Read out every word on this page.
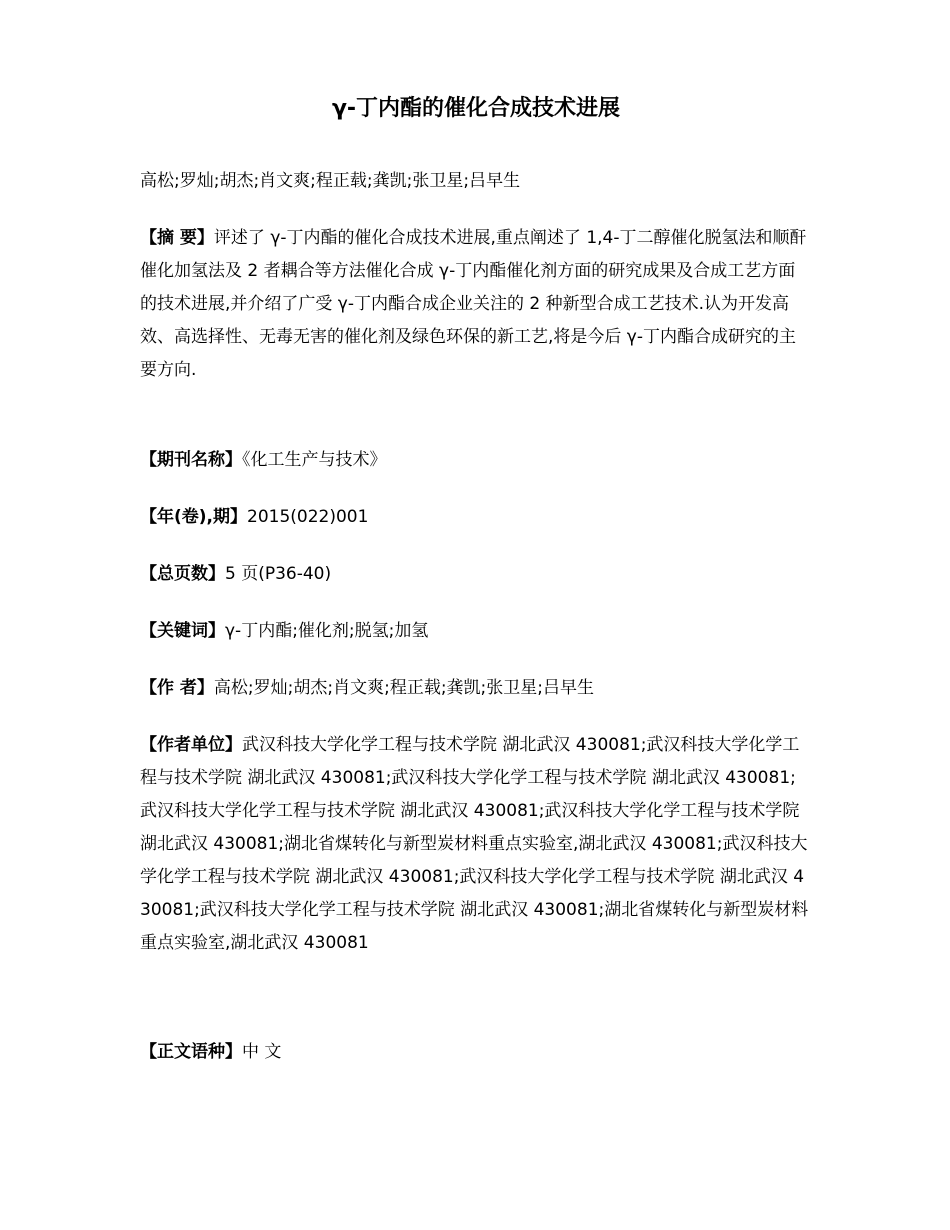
γ-丁内酯的催化合成技术进展
高松;罗灿;胡杰;肖文爽;程正载;龚凯;张卫星;吕早生
【摘 要】评述了 γ-丁内酯的催化合成技术进展,重点阐述了 1,4-丁二醇催化脱氢法和顺酐催化加氢法及 2 者耦合等方法催化合成 γ-丁内酯催化剂方面的研究成果及合成工艺方面的技术进展,并介绍了广受 γ-丁内酯合成企业关注的 2 种新型合成工艺技术.认为开发高效、高选择性、无毒无害的催化剂及绿色环保的新工艺,将是今后 γ-丁内酯合成研究的主要方向.
【期刊名称】《化工生产与技术》
【年(卷),期】2015(022)001
【总页数】5 页(P36-40)
【关键词】γ-丁内酯;催化剂;脱氢;加氢
【作 者】高松;罗灿;胡杰;肖文爽;程正载;龚凯;张卫星;吕早生
【作者单位】武汉科技大学化学工程与技术学院 湖北武汉 430081;武汉科技大学化学工程与技术学院 湖北武汉 430081;武汉科技大学化学工程与技术学院 湖北武汉 430081;武汉科技大学化学工程与技术学院 湖北武汉 430081;武汉科技大学化学工程与技术学院 湖北武汉 430081;湖北省煤转化与新型炭材料重点实验室,湖北武汉 430081;武汉科技大学化学工程与技术学院 湖北武汉 430081;武汉科技大学化学工程与技术学院 湖北武汉 430081;武汉科技大学化学工程与技术学院 湖北武汉 430081;湖北省煤转化与新型炭材料重点实验室,湖北武汉 430081
【正文语种】中 文
